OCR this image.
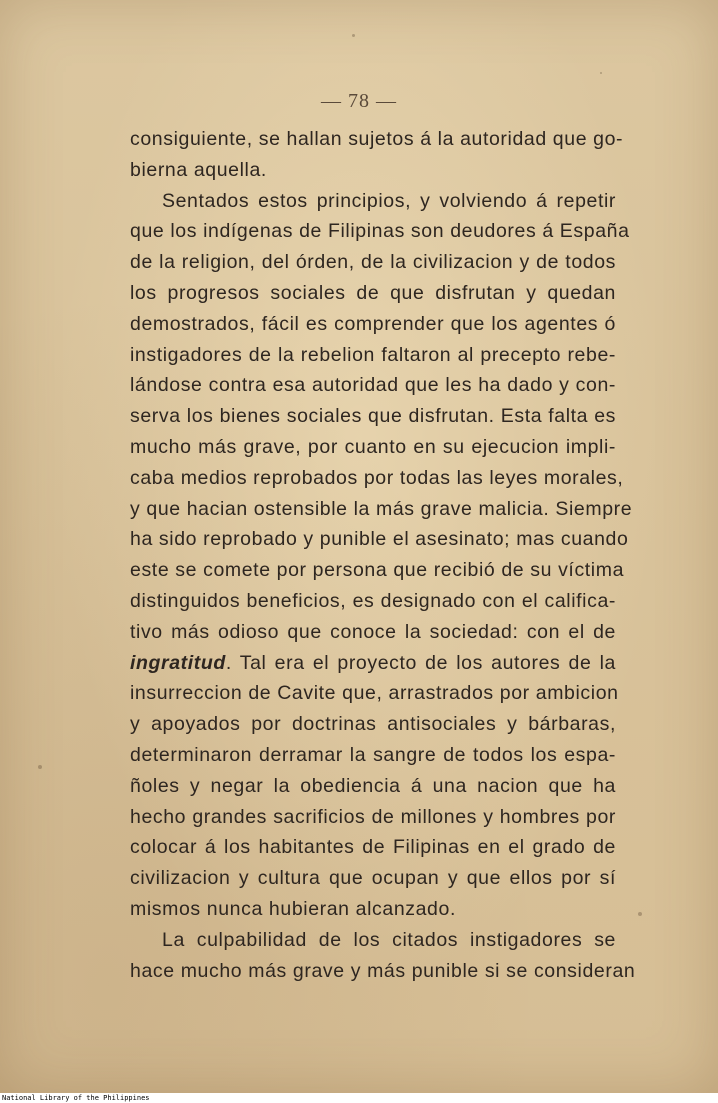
— 78 —
consiguiente, se hallan sujetos á la autoridad que go-
bierna aquella.
Sentados estos principios, y volviendo á repetir
que los indígenas de Filipinas son deudores á España
de la religion, del órden, de la civilizacion y de todos
los progresos sociales de que disfrutan y quedan
demostrados, fácil es comprender que los agentes ó
instigadores de la rebelion faltaron al precepto rebe-
lándose contra esa autoridad que les ha dado y con-
serva los bienes sociales que disfrutan. Esta falta es
mucho más grave, por cuanto en su ejecucion impli-
caba medios reprobados por todas las leyes morales,
y que hacian ostensible la más grave malicia. Siempre
ha sido reprobado y punible el asesinato; mas cuando
este se comete por persona que recibió de su víctima
distinguidos beneficios, es designado con el califica-
tivo más odioso que conoce la sociedad: con el de
ingratitud. Tal era el proyecto de los autores de la
insurreccion de Cavite que, arrastrados por ambicion
y apoyados por doctrinas antisociales y bárbaras,
determinaron derramar la sangre de todos los espa-
ñoles y negar la obediencia á una nacion que ha
hecho grandes sacrificios de millones y hombres por
colocar á los habitantes de Filipinas en el grado de
civilizacion y cultura que ocupan y que ellos por sí
mismos nunca hubieran alcanzado.
La culpabilidad de los citados instigadores se
hace mucho más grave y más punible si se consideran
National Library of the Philippines
